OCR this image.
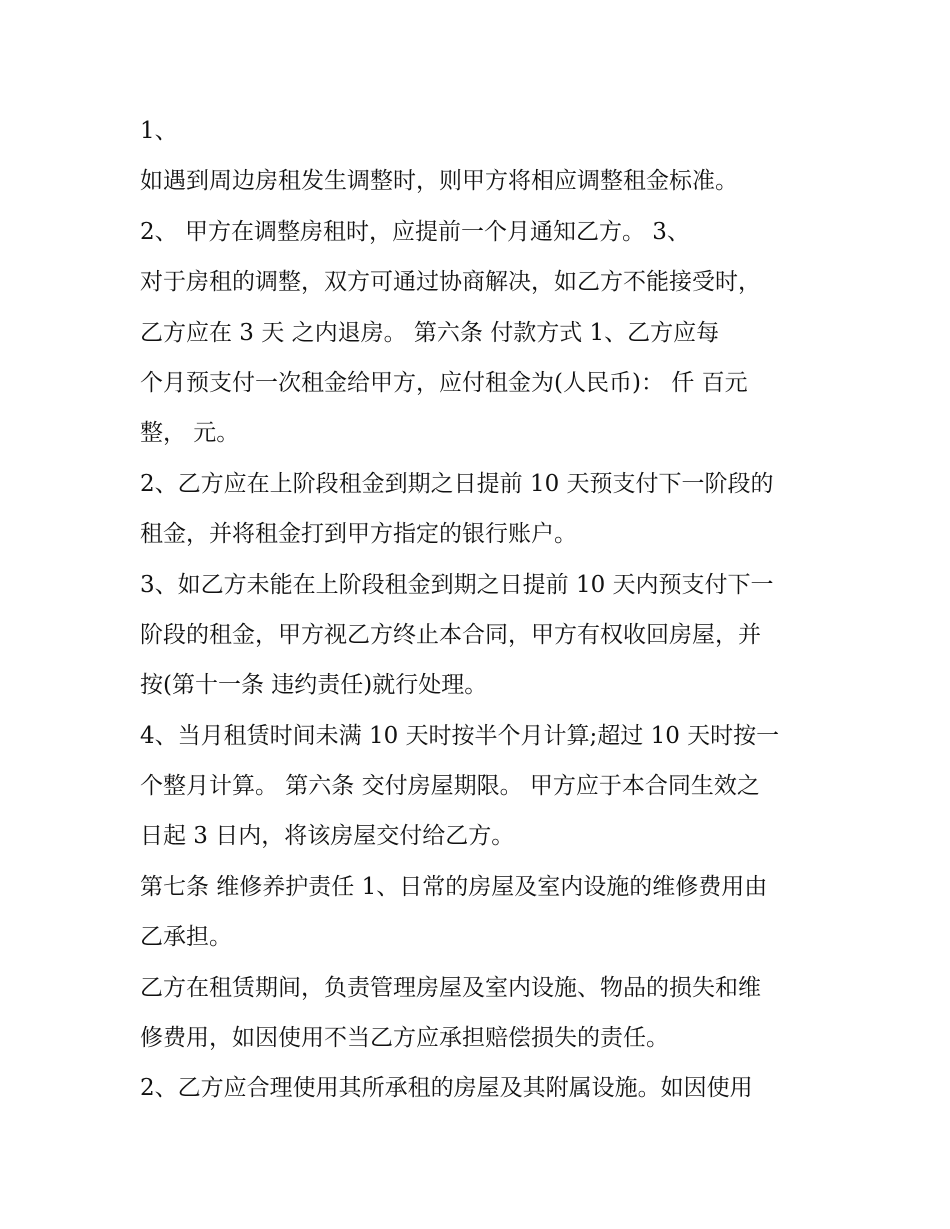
1、
如遇到周边房租发生调整时，则甲方将相应调整租金标准。
2、 甲方在调整房租时，应提前一个月通知乙方。 3、
对于房租的调整，双方可通过协商解决，如乙方不能接受时，
乙方应在 3 天 之内退房。 第六条 付款方式 1、乙方应每
个月预支付一次租金给甲方，应付租金为(人民币)： 仟 百元
整， 元。
2、乙方应在上阶段租金到期之日提前 10 天预支付下一阶段的
租金，并将租金打到甲方指定的银行账户。
3、如乙方未能在上阶段租金到期之日提前 10 天内预支付下一
阶段的租金，甲方视乙方终止本合同，甲方有权收回房屋，并
按(第十一条 违约责任)就行处理。
4、当月租赁时间未满 10 天时按半个月计算;超过 10 天时按一
个整月计算。 第六条 交付房屋期限。 甲方应于本合同生效之
日起 3 日内，将该房屋交付给乙方。
第七条 维修养护责任 1、日常的房屋及室内设施的维修费用由
乙承担。
乙方在租赁期间，负责管理房屋及室内设施、物品的损失和维
修费用，如因使用不当乙方应承担赔偿损失的责任。
2、乙方应合理使用其所承租的房屋及其附属设施。如因使用
